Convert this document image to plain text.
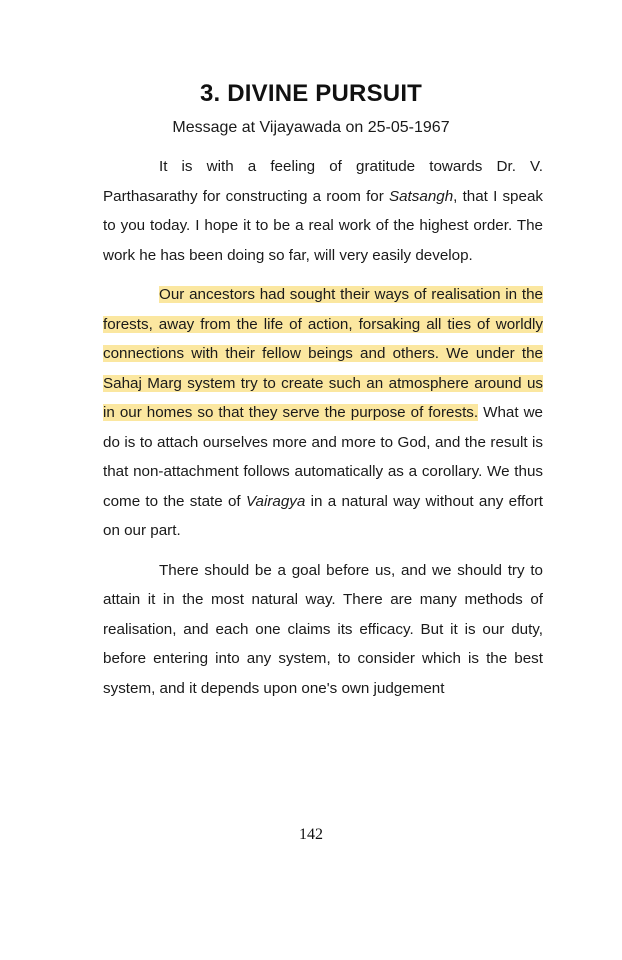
3. DIVINE PURSUIT
Message at Vijayawada on 25-05-1967

It is with a feeling of gratitude towards Dr. V. Parthasarathy for constructing a room for Satsangh, that I speak to you today. I hope it to be a real work of the highest order. The work he has been doing so far, will very easily develop.

Our ancestors had sought their ways of realisation in the forests, away from the life of action, forsaking all ties of worldly connections with their fellow beings and others. We under the Sahaj Marg system try to create such an atmosphere around us in our homes so that they serve the purpose of forests. What we do is to attach ourselves more and more to God, and the result is that non-attachment follows automatically as a corollary. We thus come to the state of Vairagya in a natural way without any effort on our part.

There should be a goal before us, and we should try to attain it in the most natural way. There are many methods of realisation, and each one claims its efficacy. But it is our duty, before entering into any system, to consider which is the best system, and it depends upon one's own judgement

142
